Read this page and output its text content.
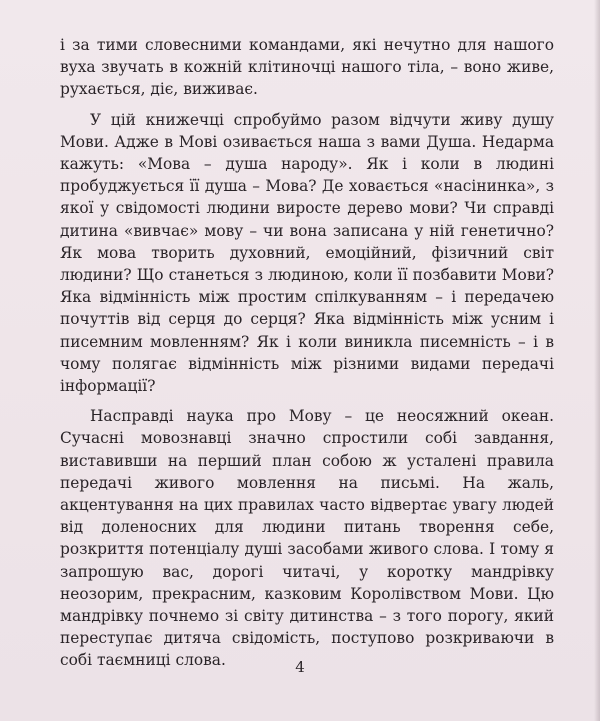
і за тими словесними командами, які нечутно для нашого вуха звучать в кожній клітиночці нашого тіла, – воно живе, рухається, дiє, виживає.

У цій книжечці спробуймо разом відчути живу душу Мови. Адже в Мові озивається наша з вами Душа. Недарма кажуть: «Мова – душа народу». Як і коли в людині пробуджується її душа – Мова? Де ховається «насінинка», з якої у свідомості людини виросте дерево мови? Чи справді дитина «вивчає» мову – чи вона записана у ній генетично? Як мова творить духовний, емоційний, фізичний світ людини? Що станеться з людиною, коли її позбавити Мови? Яка відмінність між простим спілкуванням – і передачею почуттів від серця до серця? Яка відмінність між усним і писемним мовленням? Як і коли виникла писемність – і в чому полягає відмінність між різними видами передачі інформації?

Насправді наука про Мову – це неосяжний океан. Сучасні мовознавці значно спростили собі завдання, виставивши на перший план собою ж усталені правила передачі живого мовлення на письмі. На жаль, акцентування на цих правилах часто відвертає увагу людей від доленосних для людини питань творення себе, розкриття потенціалу душі засобами живого слова. І тому я запрошую вас, дорогі читачі, у коротку мандрівку неозорим, прекрасним, казковим Королівством Мови. Цю мандрівку почнемо зі світу дитинства – з того порогу, який переступає дитяча свідомість, поступово розкриваючи в собі таємниці слова.	4
